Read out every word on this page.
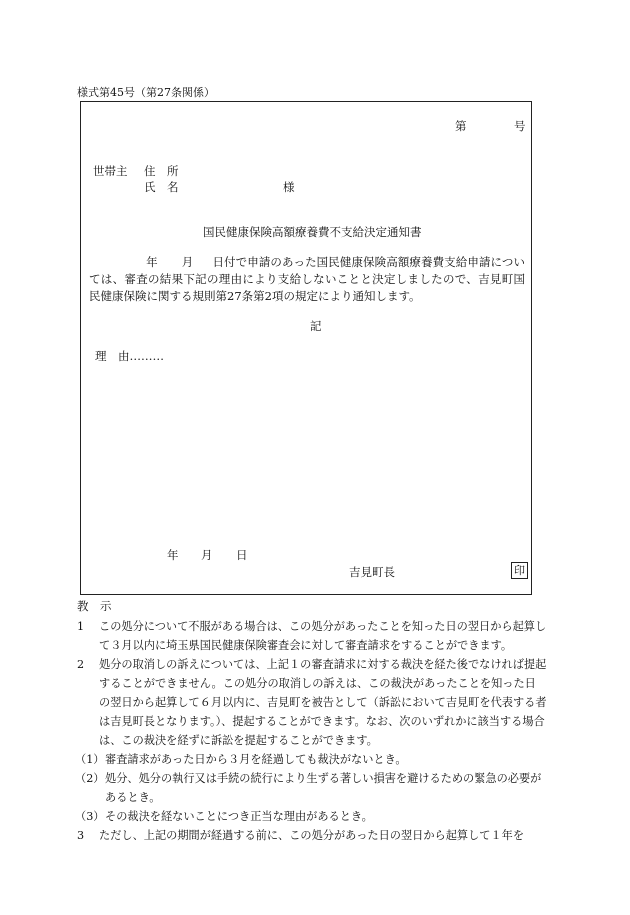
様式第45号（第27条関係）
第	号
世帯主 住　所
氏　名	様
国民健康保険高額療養費不支給決定通知書
年 月 日付で申請のあった国民健康保険高額療養費支給申請については、審査の結果下記の理由により支給しないことと決定しましたので、吉見町国民健康保険に関する規則第27条第2項の規定により通知します。
記
理　由………
年 月 日
吉見町長	印
教　示
1 この処分について不服がある場合は、この処分があったことを知った日の翌日から起算して３月以内に埼玉県国民健康保険審査会に対して審査請求をすることができます。
2 処分の取消しの訴えについては、上記１の審査請求に対する裁決を経た後でなければ提起することができません。この処分の取消しの訴えは、この裁決があったことを知った日の翌日から起算して６月以内に、吉見町を被告として（訴訟において吉見町を代表する者は吉見町長となります。）、提起することができます。なお、次のいずれかに該当する場合は、この裁決を経ずに訴訟を提起することができます。
（1） 審査請求があった日から３月を経過しても裁決がないとき。
（2） 処分、処分の執行又は手続の続行により生ずる著しい損害を避けるための緊急の必要があるとき。
（3） その裁決を経ないことにつき正当な理由があるとき。
3 ただし、上記の期間が経過する前に、この処分があった日の翌日から起算して１年を
